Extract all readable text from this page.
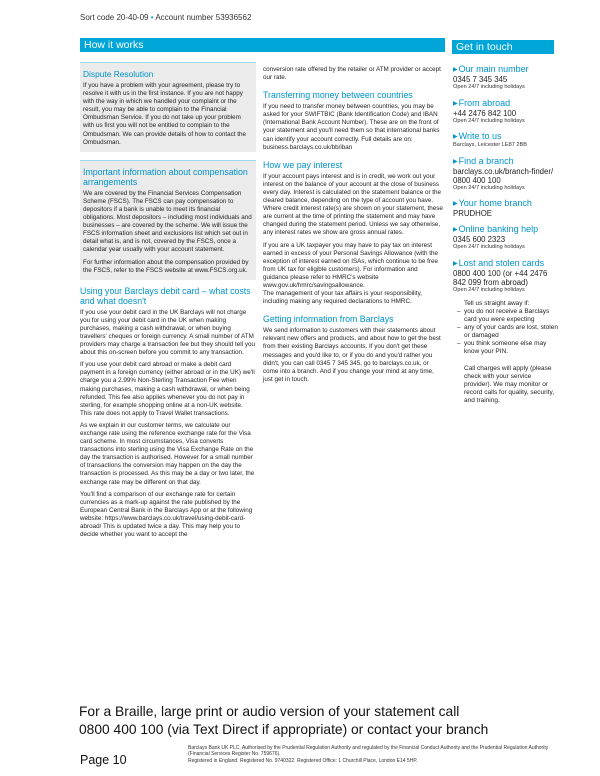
Sort code 20-40-09 • Account number 53936562
How it works	Get in touch
Dispute Resolution

If you have a problem with your agreement, please try to resolve it with us in the first instance. If you are not happy with the way in which we handled your complaint or the result, you may be able to complain to the Financial Ombudsman Service. If you do not take up your problem with us first you will not be entitled to complain to the Ombudsman. We can provide details of how to contact the Ombudsman.

Important information about compensation arrangements

We are covered by the Financial Services Compensation Scheme (FSCS). The FSCS can pay compensation to depositors if a bank is unable to meet its financial obligations. Most depositors – including most individuals and businesses – are covered by the scheme. We will issue the FSCS information sheet and exclusions list which set out in detail what is, and is not, covered by the FSCS, once a calendar year usually with your account statement.

For further information about the compensation provided by the FSCS, refer to the FSCS website at www.FSCS.org.uk.

Using your Barclays debit card – what costs and what doesn't

If you use your debit card in the UK Barclays will not charge you for using your debit card in the UK when making purchases, making a cash withdrawal, or when buying travellers' cheques or foreign currency. A small number of ATM providers may charge a transaction fee but they should tell you about this on-screen before you commit to any transaction.

If you use your debit card abroad or make a debit card payment in a foreign currency (either abroad or in the UK) we'll charge you a 2.99% Non-Sterling Transaction Fee when making purchases, making a cash withdrawal, or when being refunded. This fee also applies whenever you do not pay in sterling, for example shopping online at a non-UK website. This rate does not apply to Travel Wallet transactions.

As we explain in our customer terms, we calculate our exchange rate using the reference exchange rate for the Visa card scheme. In most circumstances, Visa converts transactions into sterling using the Visa Exchange Rate on the day the transaction is authorised. However for a small number of transactions the conversion may happen on the day the transaction is processed. As this may be a day or two later, the exchange rate may be different on that day.

You'll find a comparison of our exchange rate for certain currencies as a mark-up against the rate published by the European Central Bank in the Barclays App or at the following website: https://www.barclays.co.uk/travel/using-debit-card-abroad/ This is updated twice a day. This may help you to decide whether you want to accept the

conversion rate offered by the retailer or ATM provider or accept our rate.

Transferring money between countries

If you need to transfer money between countries, you may be asked for your SWIFTBIC (Bank Identification Code) and IBAN (International Bank Account Number). These are on the front of your statement and you'll need them so that international banks can identify your account correctly. Full details are on: business.barclays.co.uk/bb/iban

How we pay interest

If your account pays interest and is in credit, we work out your interest on the balance of your account at the close of business every day. Interest is calculated on the statement balance or the cleared balance, depending on the type of account you have. Where credit interest rate(s) are shown on your statement, these are current at the time of printing the statement and may have changed during the statement period. Unless we say otherwise, any interest rates we show are gross annual rates.

If you are a UK taxpayer you may have to pay tax on interest earned in excess of your Personal Savings Allowance (with the exception of interest earned on ISAs, which continue to be free from UK tax for eligible customers). For information and guidance please refer to HMRC's website www.gov.uk/hmrc/savingsallowance.

The management of your tax affairs is your responsibility, including making any required declarations to HMRC.

Getting information from Barclays

We send information to customers with their statements about relevant new offers and products, and about how to get the best from their existing Barclays accounts. If you don't get these messages and you'd like to, or if you do and you'd rather you didn't, you can call 0345 7 345 345, go to barclays.co.uk, or come into a branch. And if you change your mind at any time, just get in touch.

▶Our main number
0345 7 345 345
Open 24/7 including holidays
▶From abroad
+44 2476 842 100
Open 24/7 including holidays
▶Write to us
Barclays, Leicester LE87 2BB
▶Find a branch
barclays.co.uk/branch-finder/
0800 400 100
Open 24/7 including holidays
▶Your home branch
PRUDHOE
▶Online banking help
0345 600 2323
Open 24/7 including holidays
▶Lost and stolen cards
0800 400 100 (or +44 2476 842 099 from abroad)
Open 24/7 including holidays

Tell us straight away if:

– you do not receive a Barclays card you were expecting
– any of your cards are lost, stolen or damaged
– you think someone else may know your PIN.

Call charges will apply (please check with your service provider). We may monitor or record calls for quality, security, and training.

For a Braille, large print or audio version of your statement call
0800 400 100 (via Text Direct if appropriate) or contact your branch
Page 10
Barclays Bank UK PLC. Authorised by the Prudential Regulation Authority and regulated by the Financial Conduct Authority and the Prudential Regulation Authority (Financial Services Register No. 759676).
Registered in England. Registered No. 9740322. Registered Office: 1 Churchill Place, London E14 5HP.
